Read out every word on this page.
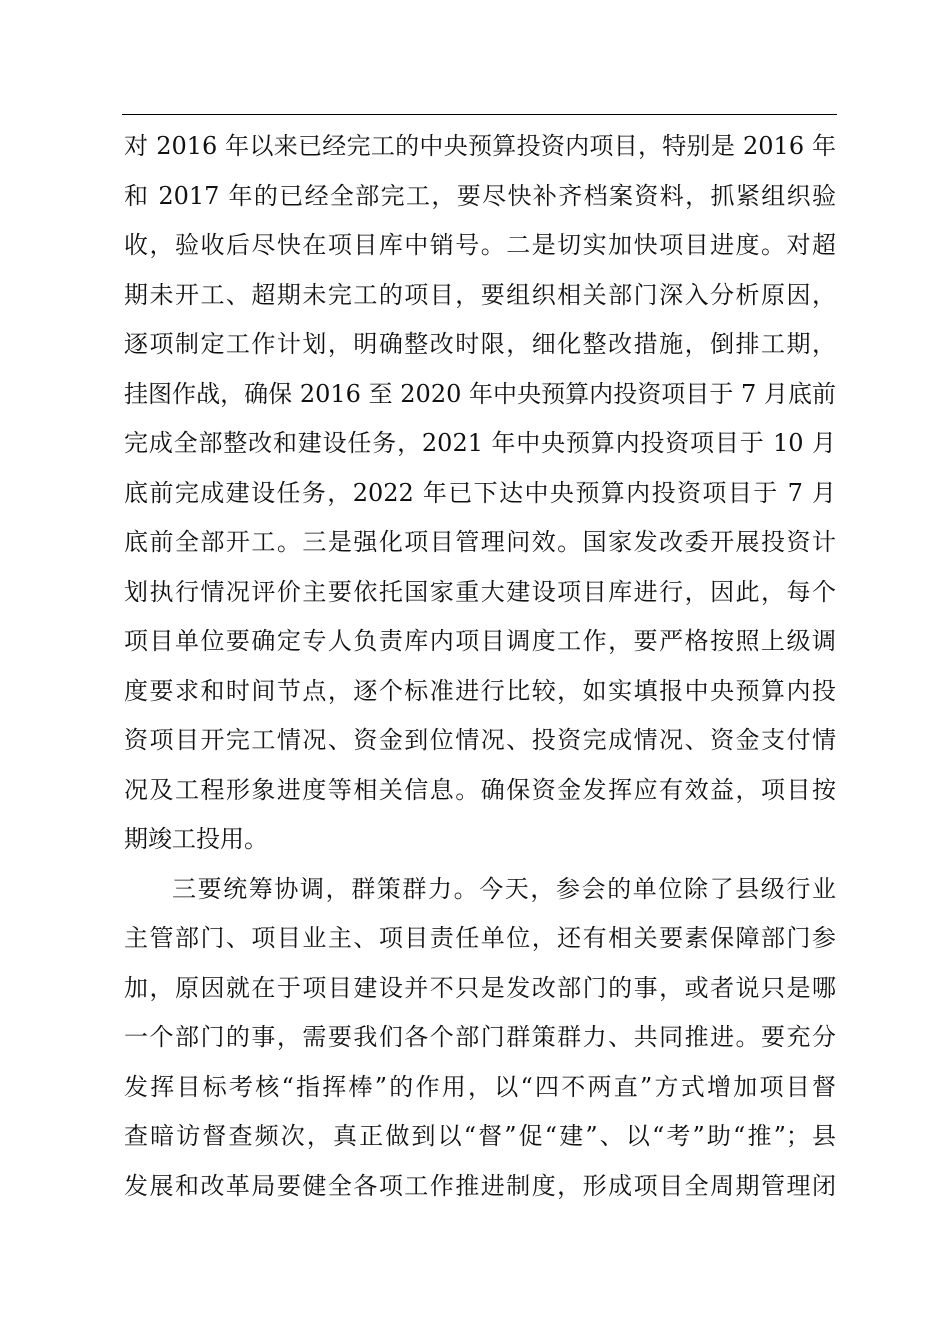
对 2016 年以来已经完工的中央预算投资内项目，特别是 2016 年
和 2017 年的已经全部完工，要尽快补齐档案资料，抓紧组织验
收，验收后尽快在项目库中销号。二是切实加快项目进度。对超
期未开工、超期未完工的项目，要组织相关部门深入分析原因，
逐项制定工作计划，明确整改时限，细化整改措施，倒排工期，
挂图作战，确保 2016 至 2020 年中央预算内投资项目于 7 月底前
完成全部整改和建设任务，2021 年中央预算内投资项目于 10 月
底前完成建设任务，2022 年已下达中央预算内投资项目于 7 月
底前全部开工。三是强化项目管理问效。国家发改委开展投资计
划执行情况评价主要依托国家重大建设项目库进行，因此，每个
项目单位要确定专人负责库内项目调度工作，要严格按照上级调
度要求和时间节点，逐个标准进行比较，如实填报中央预算内投
资项目开完工情况、资金到位情况、投资完成情况、资金支付情
况及工程形象进度等相关信息。确保资金发挥应有效益，项目按
期竣工投用。
三要统筹协调，群策群力。今天，参会的单位除了县级行业
主管部门、项目业主、项目责任单位，还有相关要素保障部门参
加，原因就在于项目建设并不只是发改部门的事，或者说只是哪
一个部门的事，需要我们各个部门群策群力、共同推进。要充分
发挥目标考核“指挥棒”的作用，以“四不两直”方式增加项目督
查暗访督查频次，真正做到以“督”促“建”、以“考”助“推”；县
发展和改革局要健全各项工作推进制度，形成项目全周期管理闭
